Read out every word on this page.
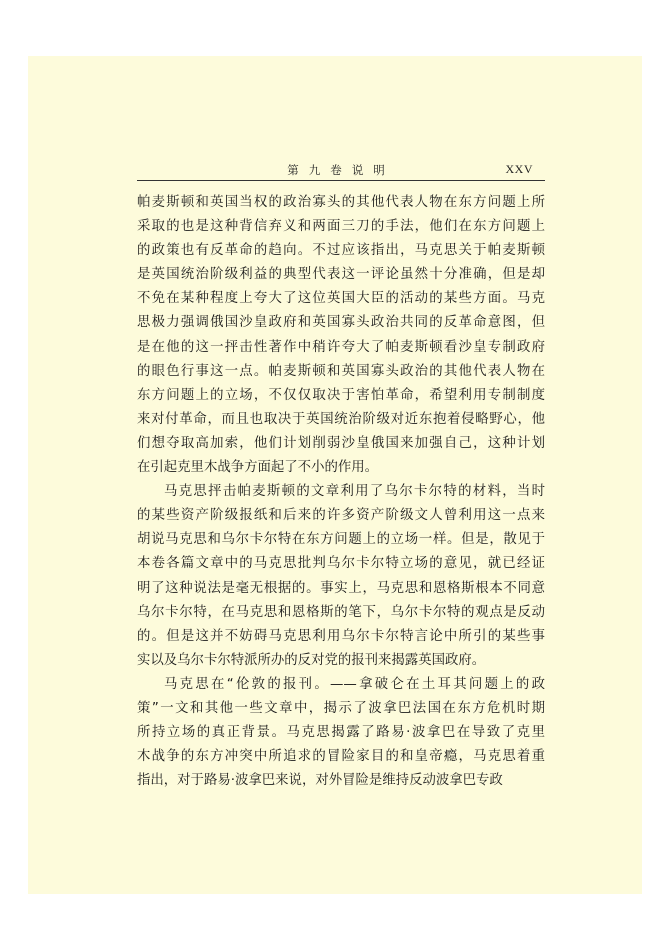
第九卷说明	XXV
帕麦斯顿和英国当权的政治寡头的其他代表人物在东方问题上所
采取的也是这种背信弃义和两面三刀的手法，他们在东方问题上
的政策也有反革命的趋向。不过应该指出，马克思关于帕麦斯顿
是英国统治阶级利益的典型代表这一评论虽然十分准确，但是却
不免在某种程度上夸大了这位英国大臣的活动的某些方面。马克
思极力强调俄国沙皇政府和英国寡头政治共同的反革命意图，但
是在他的这一抨击性著作中稍许夸大了帕麦斯顿看沙皇专制政府
的眼色行事这一点。帕麦斯顿和英国寡头政治的其他代表人物在
东方问题上的立场，不仅仅取决于害怕革命，希望利用专制制度
来对付革命，而且也取决于英国统治阶级对近东抱着侵略野心，他
们想夺取高加索，他们计划削弱沙皇俄国来加强自己，这种计划
在引起克里木战争方面起了不小的作用。
马克思抨击帕麦斯顿的文章利用了乌尔卡尔特的材料，当时
的某些资产阶级报纸和后来的许多资产阶级文人曾利用这一点来
胡说马克思和乌尔卡尔特在东方问题上的立场一样。但是，散见于
本卷各篇文章中的马克思批判乌尔卡尔特立场的意见，就已经证
明了这种说法是毫无根据的。事实上，马克思和恩格斯根本不同意
乌尔卡尔特，在马克思和恩格斯的笔下，乌尔卡尔特的观点是反动
的。但是这并不妨碍马克思利用乌尔卡尔特言论中所引的某些事
实以及乌尔卡尔特派所办的反对党的报刊来揭露英国政府。
马克思在“伦敦的报刊。——拿破仑在土耳其问题上的政
策”一文和其他一些文章中，揭示了波拿巴法国在东方危机时期
所持立场的真正背景。马克思揭露了路易·波拿巴在导致了克里
木战争的东方冲突中所追求的冒险家目的和皇帝瘾，马克思着重
指出，对于路易·波拿巴来说，对外冒险是维持反动波拿巴专政
